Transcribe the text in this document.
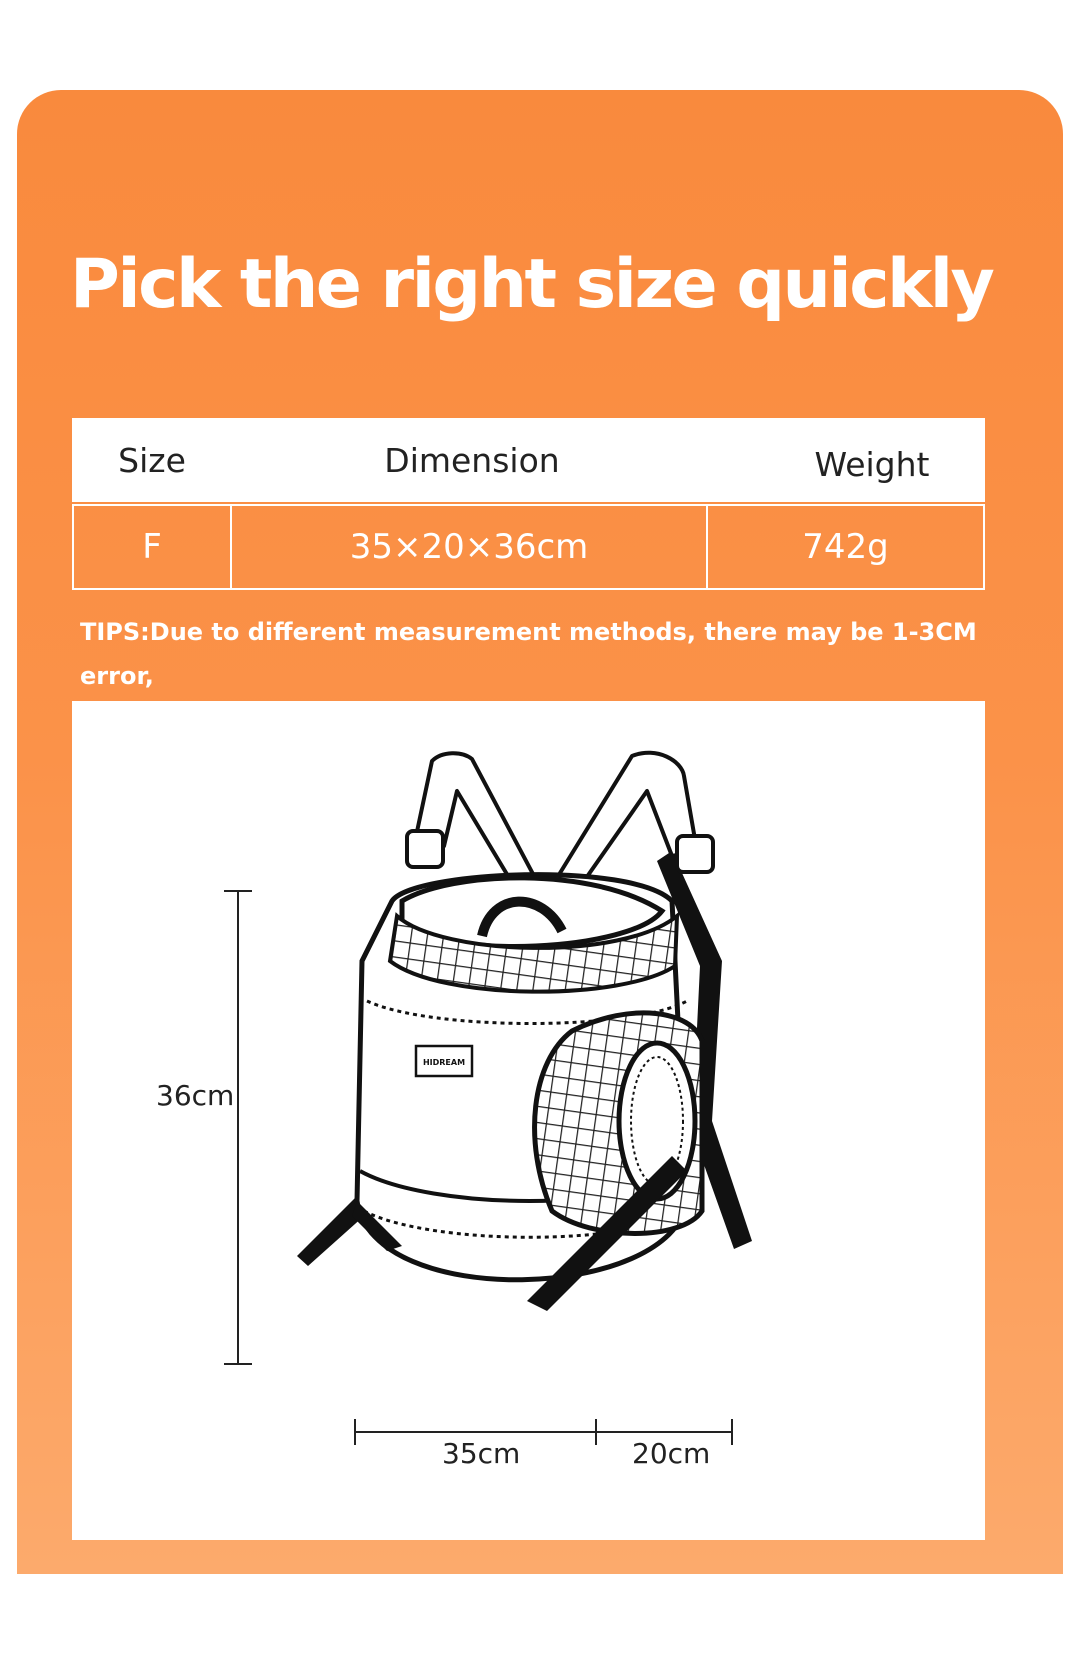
Pick the right size quickly
Size	Dimension	Weight
F	35×20×36cm	742g
TIPS:Due to different measurement methods, there may be 1-3CM error,
HIDREAM
36cm
35cm	20cm
